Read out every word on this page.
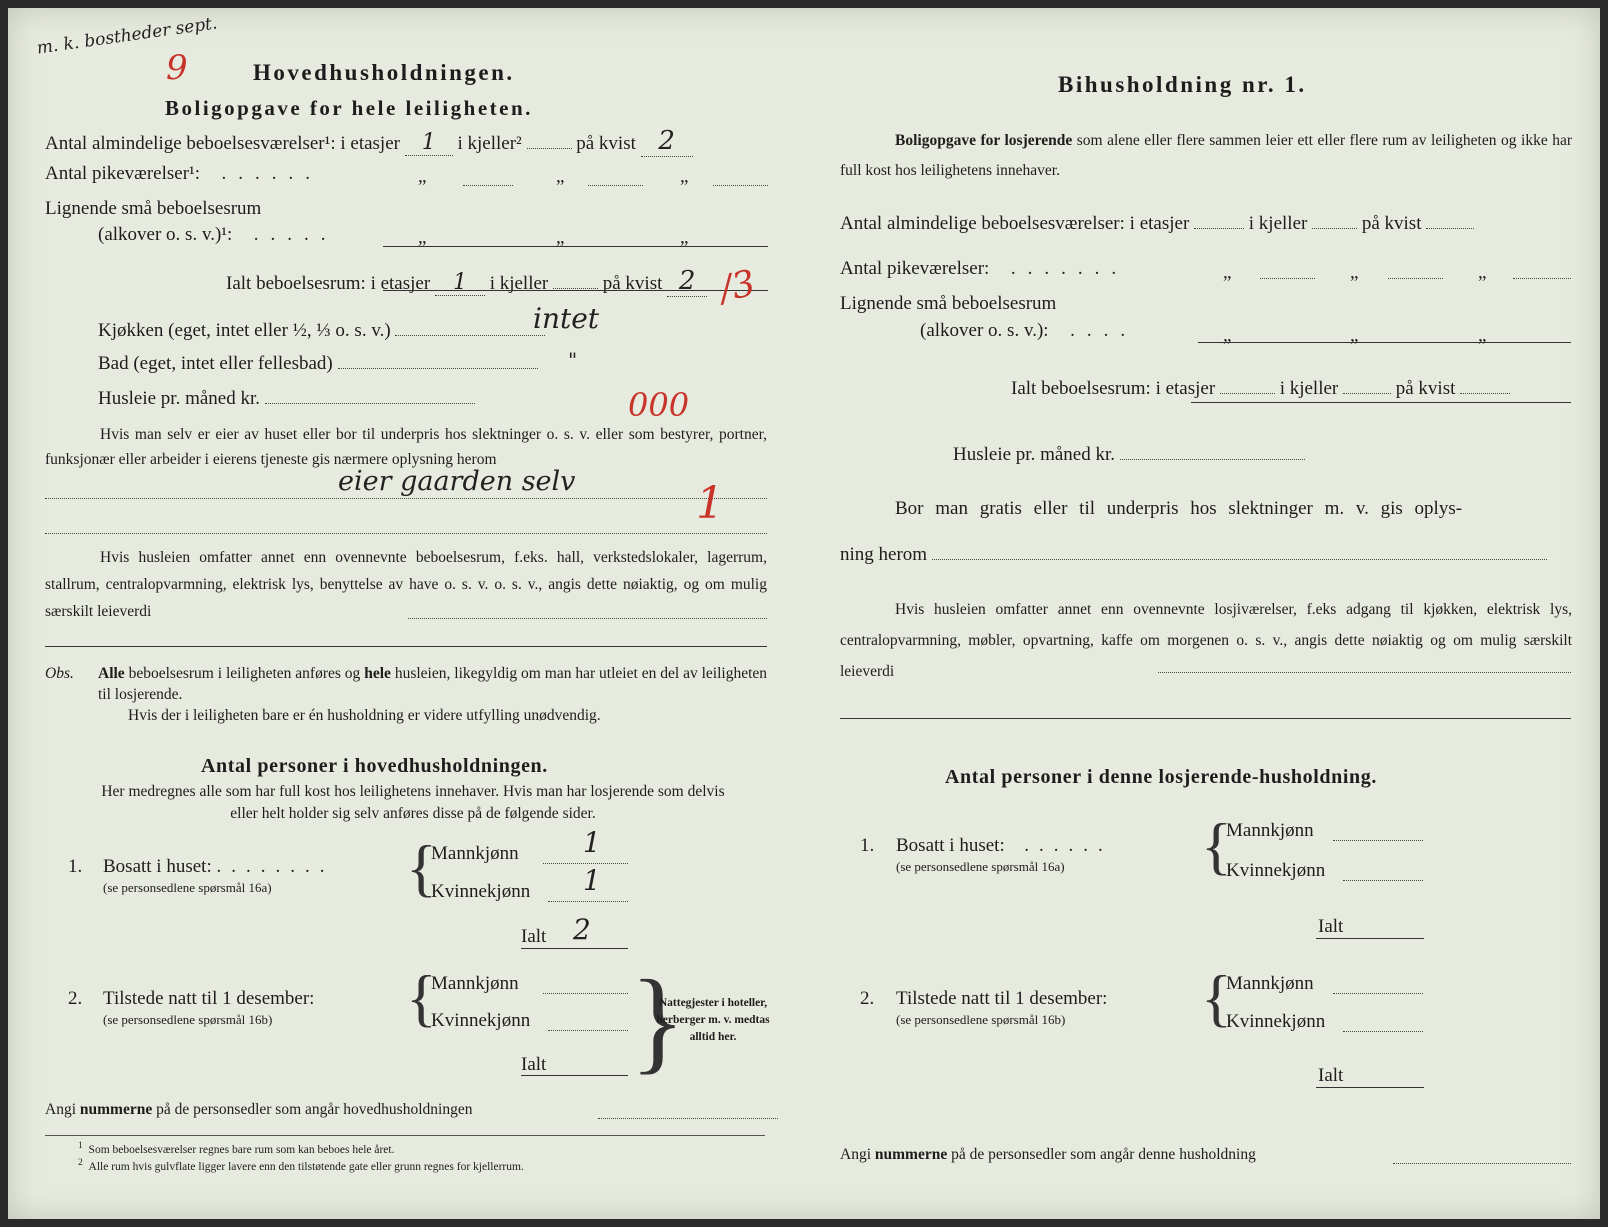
m. k. bostheder sept.
9	Hovedhusholdningen.
Boligopgave for hele leiligheten.
Antal almindelige beboelsesværelser¹: i etasjer 1 i kjeller²	på kvist 2
Antal pikeværelser¹:  ......	„	„	„
Lignende små beboelsesrum
(alkover o. s. v.)¹:  .....	„	„	„
Ialt beboelsesrum: i etasjer 1 i kjeller	på kvist 2 /3
Kjøkken (eget, intet eller ½, ⅓ o. s. v.)	intet
Bad (eget, intet eller fellesbad)	"
Husleie pr. måned kr.	000
Hvis man selv er eier av huset eller bor til underpris hos slektninger o. s. v. eller som bestyrer, portner, funksjonær eller arbeider i eierens tjeneste gis nærmere oplysning herom
eier gaarden selv	1
Hvis husleien omfatter annet enn ovennevnte beboelsesrum, f.eks. hall, verkstedslokaler, lagerrum, stallrum, centralopvarmning, elektrisk lys, benyttelse av have o. s. v. o. s. v., angis dette nøiaktig, og om mulig særskilt leieverdi
Obs. Alle beboelsesrum i leiligheten anføres og hele husleien, likegyldig om man har utleiet en del av leiligheten til losjerende.
Hvis der i leiligheten bare er én husholdning er videre utfylling unødvendig.
Antal personer i hovedhusholdningen.
Her medregnes alle som har full kost hos leilighetens innehaver. Hvis man har losjerende som delvis eller helt holder sig selv anføres disse på de følgende sider.
1. Bosatt i huset: ........
(se personsedlene spørsmål 16a) {
Mannkjønn 1
Kvinnekjønn 1
Ialt 2
2. Tilstede natt til 1 desember:
(se personsedlene spørsmål 16b) {
Mannkjønn
Kvinnekjønn
Ialt }
Nattegjester i hoteller, herberger m. v. medtas alltid her.
Angi nummerne på de personsedler som angår hovedhusholdningen
$^1$ Som beboelsesværelser regnes bare rum som kan beboes hele året.
$^2$ Alle rum hvis gulvflate ligger lavere enn den tilstøtende gate eller grunn regnes for kjellerrum.
Bihusholdning nr. 1.
Boligopgave for losjerende som alene eller flere sammen leier ett eller flere rum av leiligheten og ikke har full kost hos leilighetens innehaver.
Antal almindelige beboelsesværelser: i etasjer	i kjeller	på kvist
Antal pikeværelser:  .......	„	„	„
Lignende små beboelsesrum
(alkover o. s. v.):  ....	„	„	„
Ialt beboelsesrum: i etasjer	i kjeller	på kvist
Husleie pr. måned kr.
Bor man gratis eller til underpris hos slektninger m. v. gis oplys-
ning herom
Hvis husleien omfatter annet enn ovennevnte losjiværelser, f.eks adgang til kjøkken, elektrisk lys, centralopvarmning, møbler, opvartning, kaffe om morgenen o. s. v., angis dette nøiaktig og om mulig særskilt leieverdi
Antal personer i denne losjerende-husholdning.
1. Bosatt i huset:  ......
(se personsedlene spørsmål 16a) {
Mannkjønn
Kvinnekjønn
Ialt
2. Tilstede natt til 1 desember:
(se personsedlene spørsmål 16b) {
Mannkjønn
Kvinnekjønn
Ialt
Angi nummerne på de personsedler som angår denne husholdning
